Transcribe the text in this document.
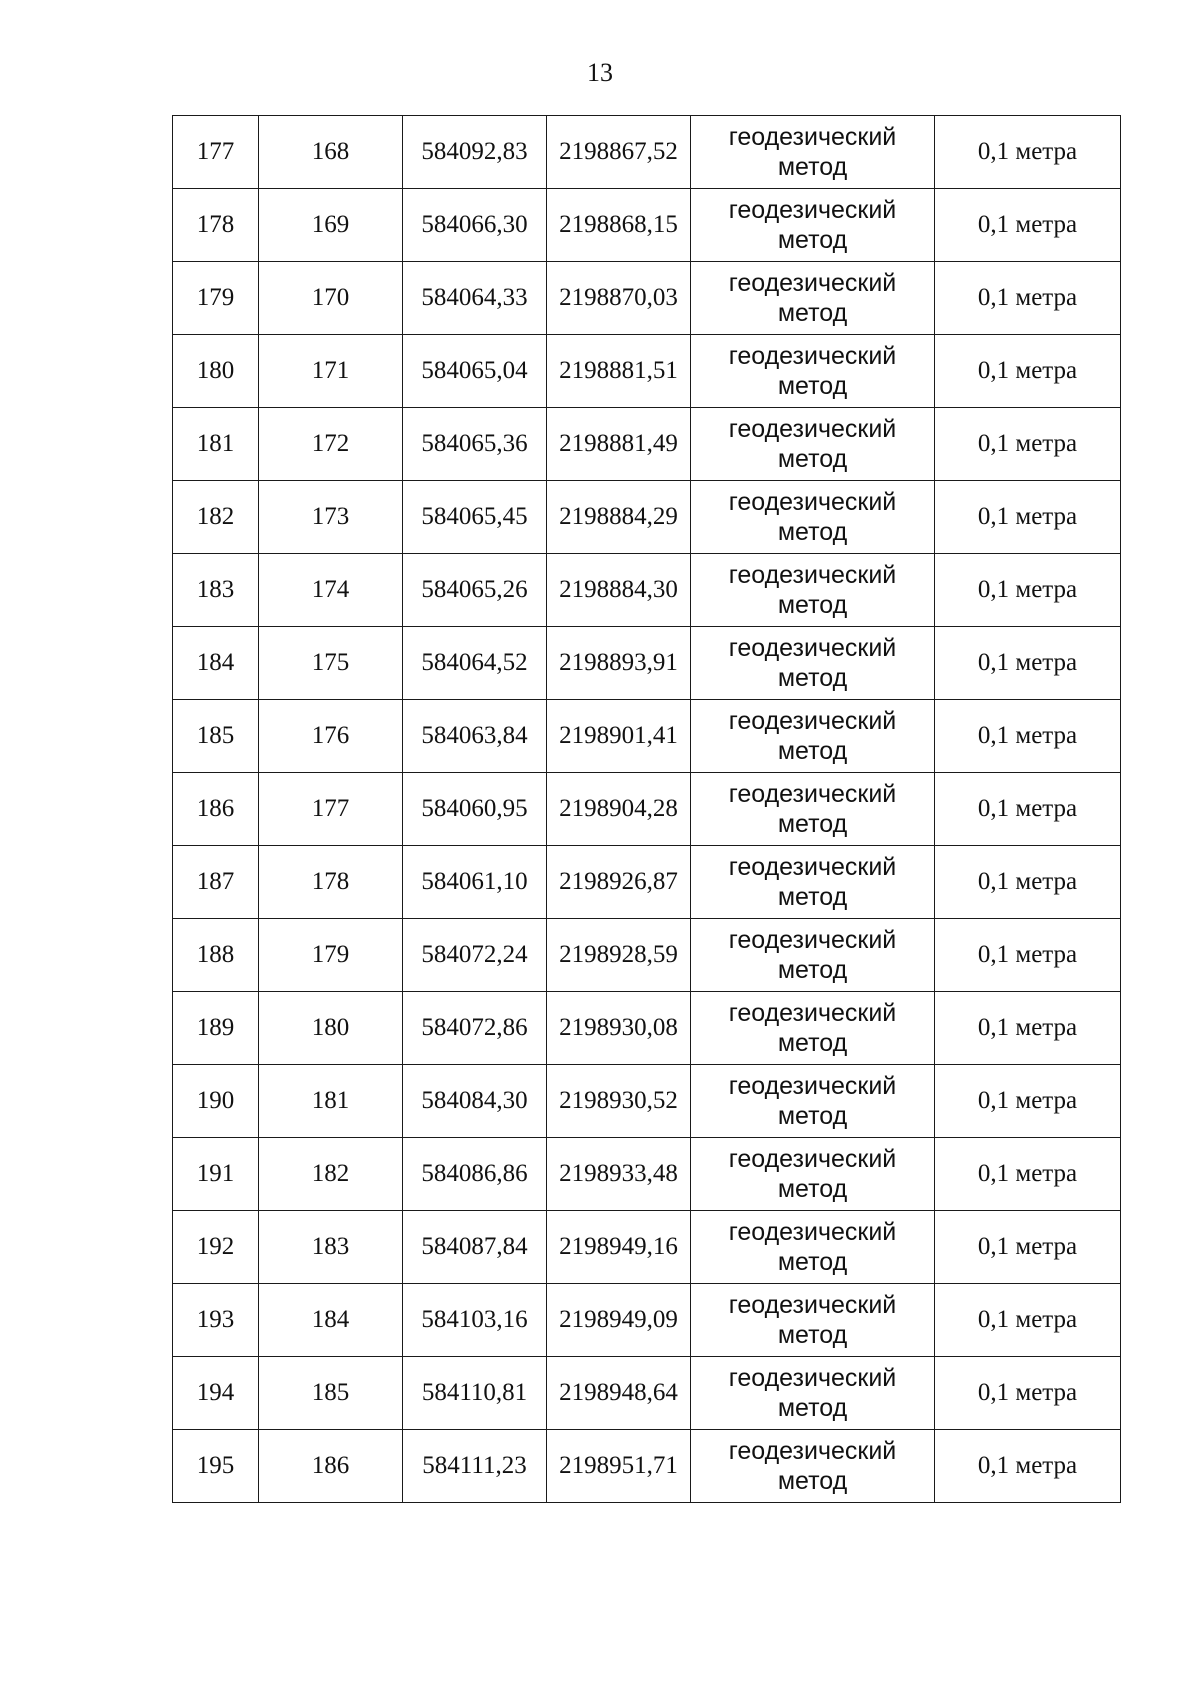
13
177	168	584092,83	2198867,52	геодезический
метод	0,1 метра
178	169	584066,30	2198868,15	геодезический
метод	0,1 метра
179	170	584064,33	2198870,03	геодезический
метод	0,1 метра
180	171	584065,04	2198881,51	геодезический
метод	0,1 метра
181	172	584065,36	2198881,49	геодезический
метод	0,1 метра
182	173	584065,45	2198884,29	геодезический
метод	0,1 метра
183	174	584065,26	2198884,30	геодезический
метод	0,1 метра
184	175	584064,52	2198893,91	геодезический
метод	0,1 метра
185	176	584063,84	2198901,41	геодезический
метод	0,1 метра
186	177	584060,95	2198904,28	геодезический
метод	0,1 метра
187	178	584061,10	2198926,87	геодезический
метод	0,1 метра
188	179	584072,24	2198928,59	геодезический
метод	0,1 метра
189	180	584072,86	2198930,08	геодезический
метод	0,1 метра
190	181	584084,30	2198930,52	геодезический
метод	0,1 метра
191	182	584086,86	2198933,48	геодезический
метод	0,1 метра
192	183	584087,84	2198949,16	геодезический
метод	0,1 метра
193	184	584103,16	2198949,09	геодезический
метод	0,1 метра
194	185	584110,81	2198948,64	геодезический
метод	0,1 метра
195	186	584111,23	2198951,71	геодезический
метод	0,1 метра
